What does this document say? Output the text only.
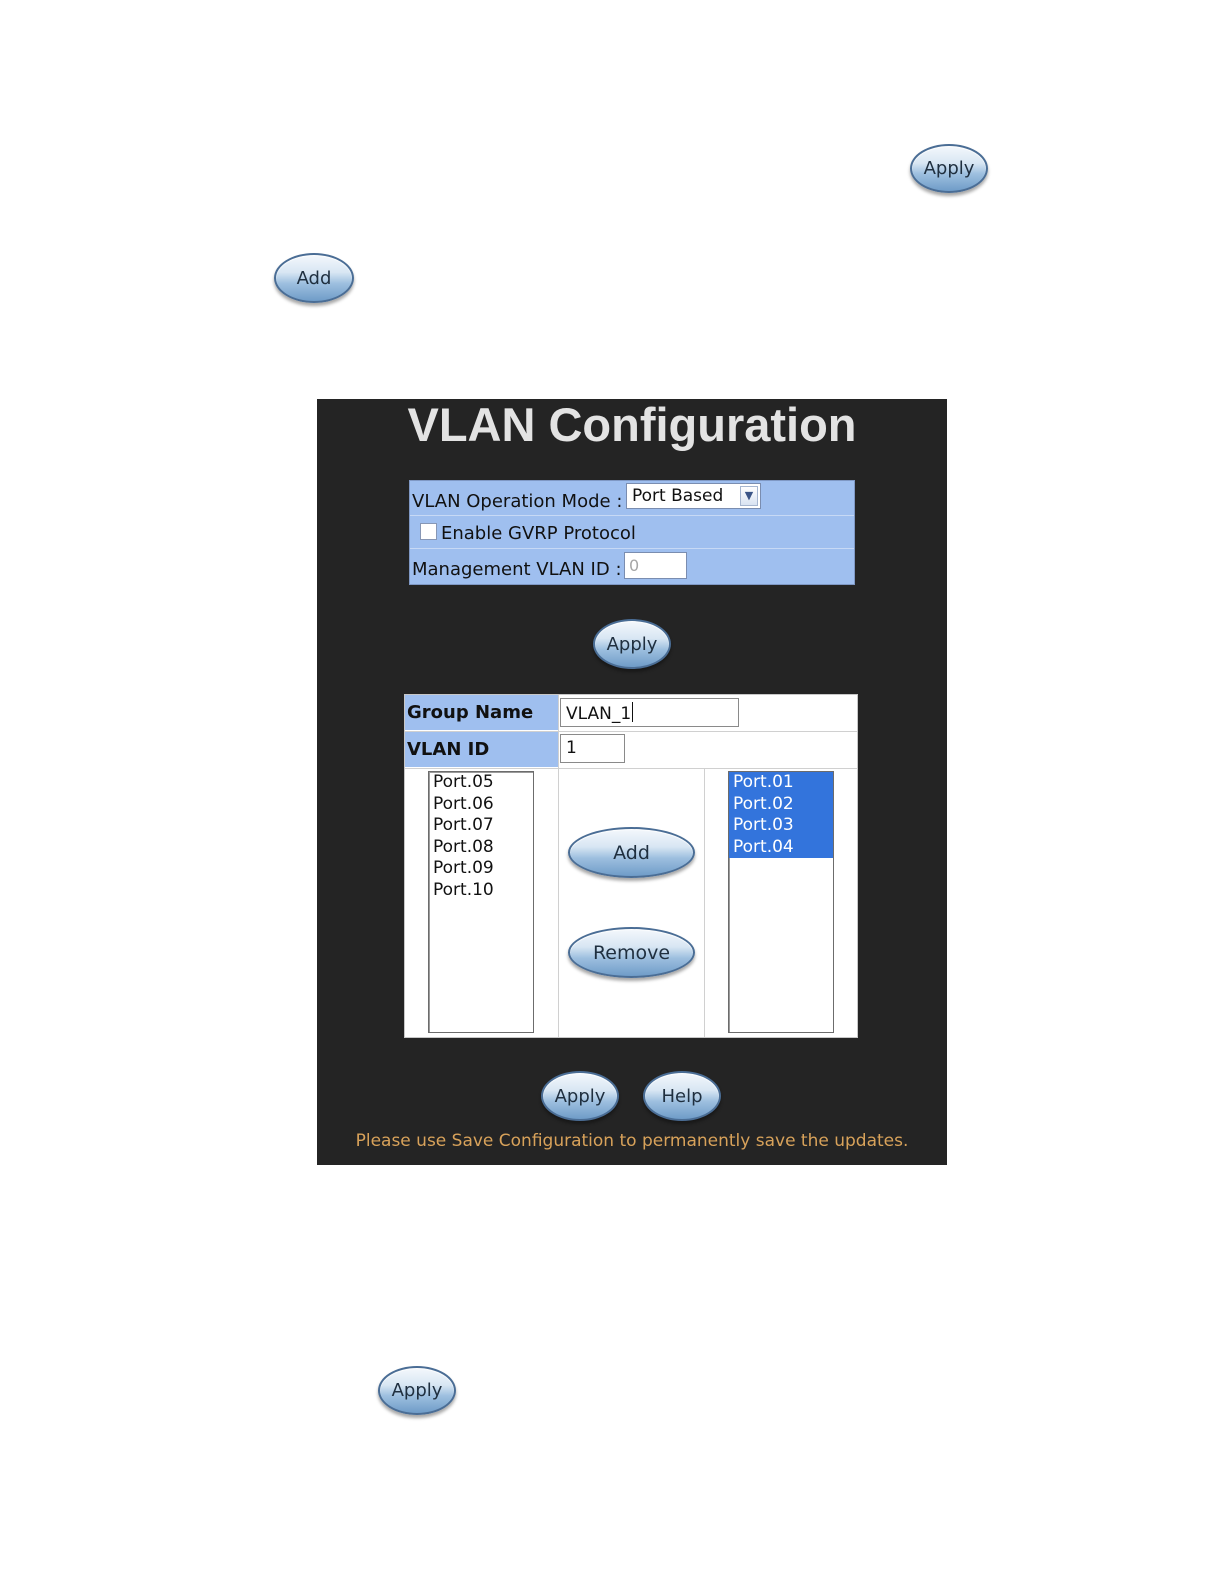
Apply
Add
Apply
VLAN Configuration
VLAN Operation Mode : Port Based	▼
Enable GVRP Protocol
Management VLAN ID : 0
Apply
Group Name
VLAN ID
VLAN_1
1
Port.05
Port.06
Port.07
Port.08
Port.09
Port.10
Add
Remove
Port.01
Port.02
Port.03
Port.04
Apply	Help
Please use Save Configuration to permanently save the updates.
